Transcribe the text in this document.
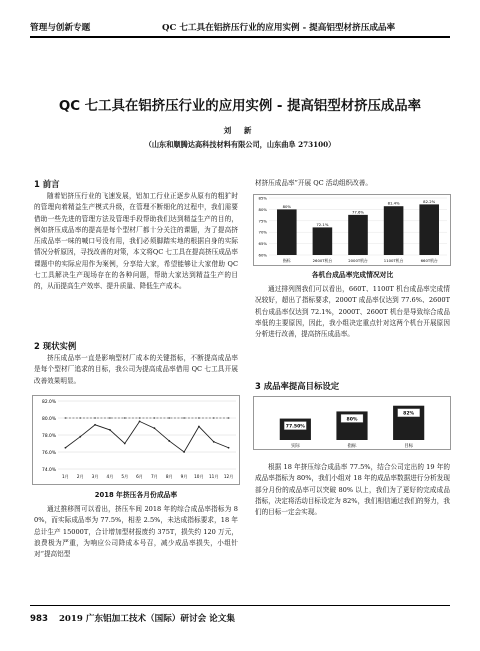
管理与创新专题	QC 七工具在铝挤压行业的应用实例 - 提高铝型材挤压成品率
QC 七工具在铝挤压行业的应用实例 - 提高铝型材挤压成品率
刘 新
（山东和顺腾达高科技材料有限公司，山东曲阜 273100）
1 前言
随着铝挤压行业的飞速发展，铝加工行业正逐步从原有的粗犷时的管理向着精益生产模式升级，在管理不断细化的过程中，我们需要借助一些先进的管理方法及管理手段帮助我们达到精益生产的目的，例如挤压成品率的提高是每个型材厂都十分关注的课题，为了提高挤压成品率一味的喊口号没有用，我们必须脚踏实地的根据自身的实际情况分析原因，寻找改善的对策，本文将QC 七工具在提高挤压成品率课题中的实际应用作为案例，分享给大家，希望能够让大家借助 QC 七工具解决生产现场存在的各种问题，帮助大家达到精益生产的目的，从而提高生产效率、提升质量、降低生产成本。
2 现状实例
挤压成品率一直是影响型材厂成本的关键指标，不断提高成品率是每个型材厂追求的目标，我公司为提高成品率借用 QC 七工具开展改善效果明显。
74.0%
76.0%
78.0%
80.0%
82.0%
1月 2月 3月 4月 5月 6月 7月 8月 9月 10月 11月 12月
2018 年挤压各月份成品率
通过推移图可以看出，挤压车间 2018 年的综合成品率指标为 80%，而实际成品率为 77.5%，相差 2.5%，未达成指标要求，18 年总计生产 15000T，合计增加型材报废约 375T，损失约 120 万元，浪费极为严重，为响应公司降成本号召，减少成品率损失，小组针对“提高铝型
材挤压成品率”开展 QC 活动组织改善。
60%
65%
70%
75%
80%
85%
80%
指标
72.1%
2600T机台
77.6%
2000T机台
81.4%
1100T机台
82.2%
660T机台
各机台成品率完成情况对比
通过排列图我们可以看出，660T、1100T 机台成品率完成情况较好，超出了指标要求，2000T 成品率仅达到 77.6%、2600T 机台成品率仅达到 72.1%，2000T、2600T 机台是导致综合成品率低的主要原因，因此，我小组决定重点针对这两个机台开展原因分析进行改善，提高挤压成品率。
3 成品率提高目标设定
77.50%
实际
80%
指标
82%
目标
根据 18 年挤压综合成品率 77.5%，结合公司定出的 19 年的成品率指标为 80%，我们小组对 18 年的成品率数据进行分析发现部分月份的成品率可以突破 80% 以上，我们为了更好的完成成品指标，决定将活动目标设定为 82%，我们相信通过我们的努力，我们的目标一定会实现。
983 2019 广东铝加工技术（国际）研讨会 论文集
